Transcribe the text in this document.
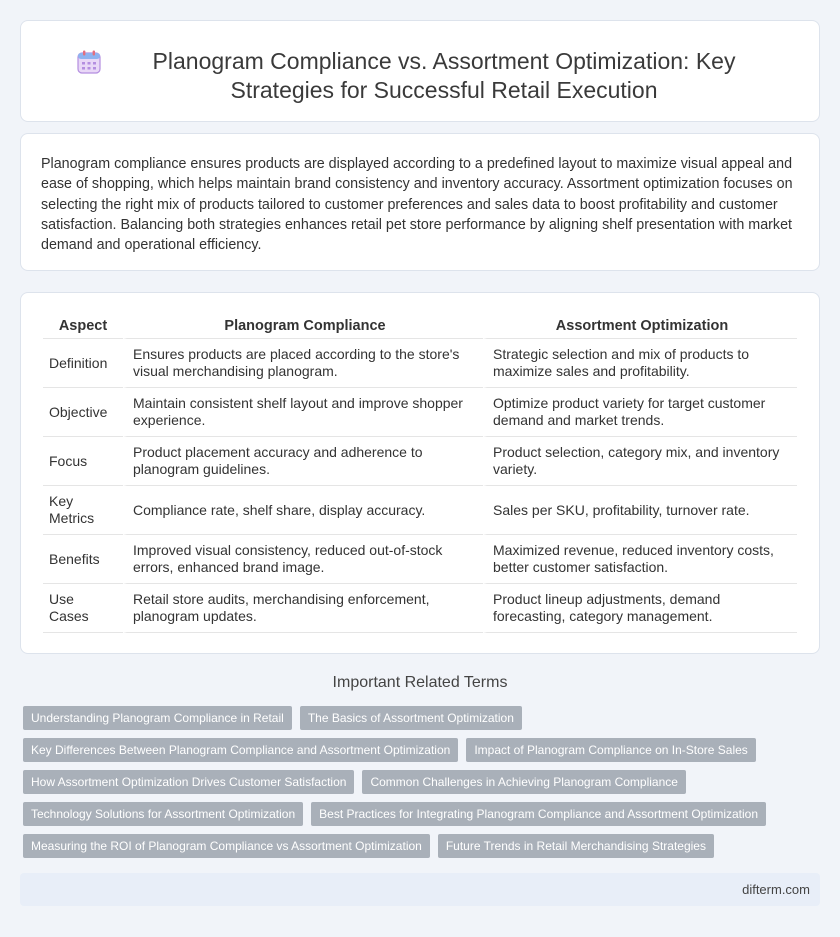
Planogram Compliance vs. Assortment Optimization: Key Strategies for Successful Retail Execution

Planogram compliance ensures products are displayed according to a predefined layout to maximize visual appeal and ease of shopping, which helps maintain brand consistency and inventory accuracy. Assortment optimization focuses on selecting the right mix of products tailored to customer preferences and sales data to boost profitability and customer satisfaction. Balancing both strategies enhances retail pet store performance by aligning shelf presentation with market demand and operational efficiency.

Aspect	Planogram Compliance	Assortment Optimization
Definition	Ensures products are placed according to the store's visual merchandising planogram.	Strategic selection and mix of products to maximize sales and profitability.
Objective	Maintain consistent shelf layout and improve shopper experience.	Optimize product variety for target customer demand and market trends.
Focus	Product placement accuracy and adherence to planogram guidelines.	Product selection, category mix, and inventory variety.
Key Metrics	Compliance rate, shelf share, display accuracy.	Sales per SKU, profitability, turnover rate.
Benefits	Improved visual consistency, reduced out-of-stock errors, enhanced brand image.	Maximized revenue, reduced inventory costs, better customer satisfaction.
Use Cases	Retail store audits, merchandising enforcement, planogram updates.	Product lineup adjustments, demand forecasting, category management.
Important Related Terms
Understanding Planogram Compliance in Retail	The Basics of Assortment Optimization
Key Differences Between Planogram Compliance and Assortment Optimization	Impact of Planogram Compliance on In-Store Sales
How Assortment Optimization Drives Customer Satisfaction	Common Challenges in Achieving Planogram Compliance
Technology Solutions for Assortment Optimization	Best Practices for Integrating Planogram Compliance and Assortment Optimization
Measuring the ROI of Planogram Compliance vs Assortment Optimization	Future Trends in Retail Merchandising Strategies
difterm.com
